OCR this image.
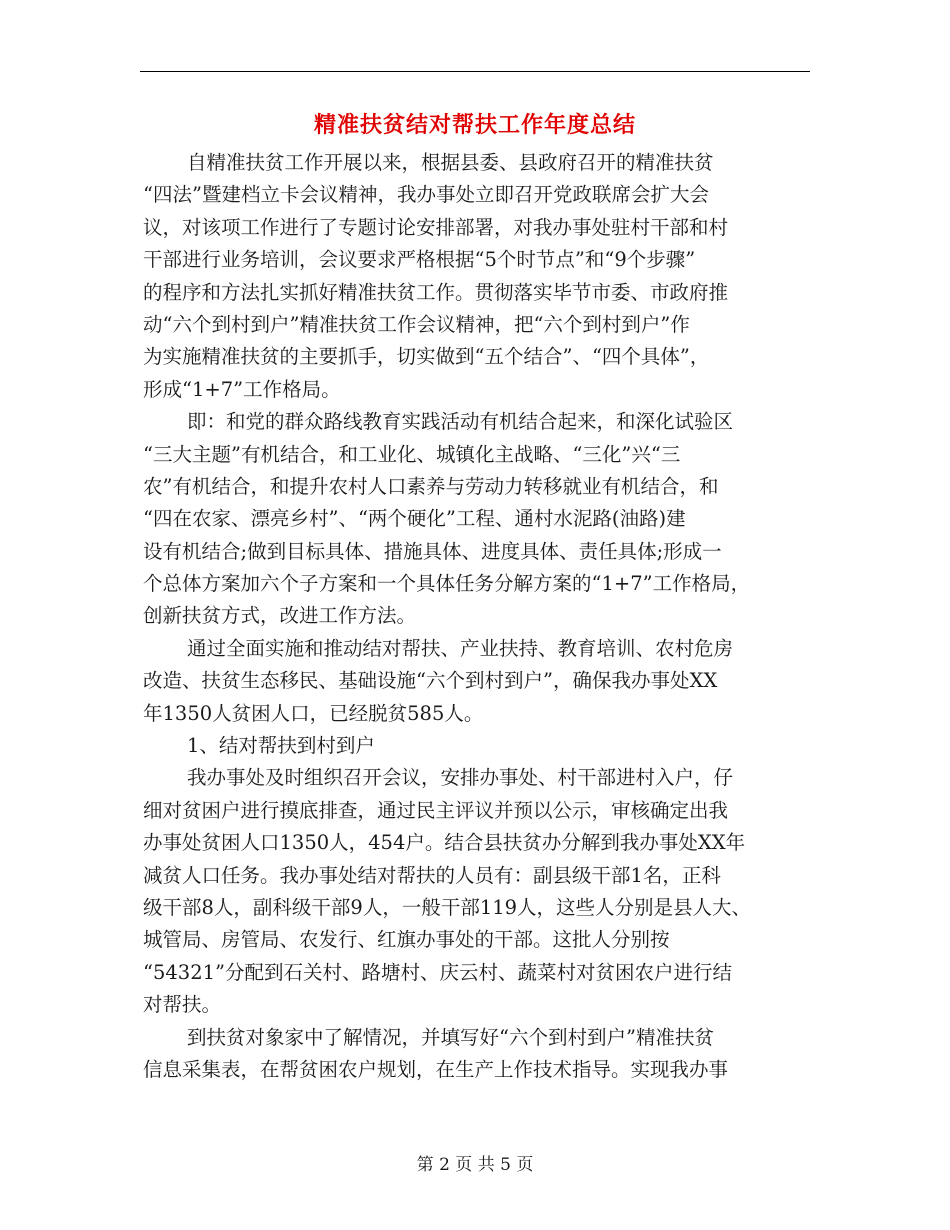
精准扶贫结对帮扶工作年度总结
自精准扶贫工作开展以来，根据县委、县政府召开的精准扶贫
“四法”暨建档立卡会议精神，我办事处立即召开党政联席会扩大会
议，对该项工作进行了专题讨论安排部署，对我办事处驻村干部和村
干部进行业务培训，会议要求严格根据“5个时节点”和“9个步骤”
的程序和方法扎实抓好精准扶贫工作。贯彻落实毕节市委、市政府推
动“六个到村到户”精准扶贫工作会议精神，把“六个到村到户”作
为实施精准扶贫的主要抓手，切实做到“五个结合”、“四个具体”，
形成“1+7”工作格局。
即：和党的群众路线教育实践活动有机结合起来，和深化试验区
“三大主题”有机结合，和工业化、城镇化主战略、“三化”兴“三
农”有机结合，和提升农村人口素养与劳动力转移就业有机结合，和
“四在农家、漂亮乡村”、“两个硬化”工程、通村水泥路(油路)建
设有机结合;做到目标具体、措施具体、进度具体、责任具体;形成一
个总体方案加六个子方案和一个具体任务分解方案的“1+7”工作格局，
创新扶贫方式，改进工作方法。
通过全面实施和推动结对帮扶、产业扶持、教育培训、农村危房
改造、扶贫生态移民、基础设施“六个到村到户”，确保我办事处XX
年1350人贫困人口，已经脱贫585人。
1、结对帮扶到村到户
我办事处及时组织召开会议，安排办事处、村干部进村入户，仔
细对贫困户进行摸底排查，通过民主评议并预以公示，审核确定出我
办事处贫困人口1350人，454户。结合县扶贫办分解到我办事处XX年
减贫人口任务。我办事处结对帮扶的人员有：副县级干部1名，正科
级干部8人，副科级干部9人，一般干部119人，这些人分别是县人大、
城管局、房管局、农发行、红旗办事处的干部。这批人分别按
“54321”分配到石关村、路塘村、庆云村、蔬菜村对贫困农户进行结
对帮扶。
到扶贫对象家中了解情况，并填写好“六个到村到户”精准扶贫
信息采集表，在帮贫困农户规划，在生产上作技术指导。实现我办事
第 2 页 共 5 页
